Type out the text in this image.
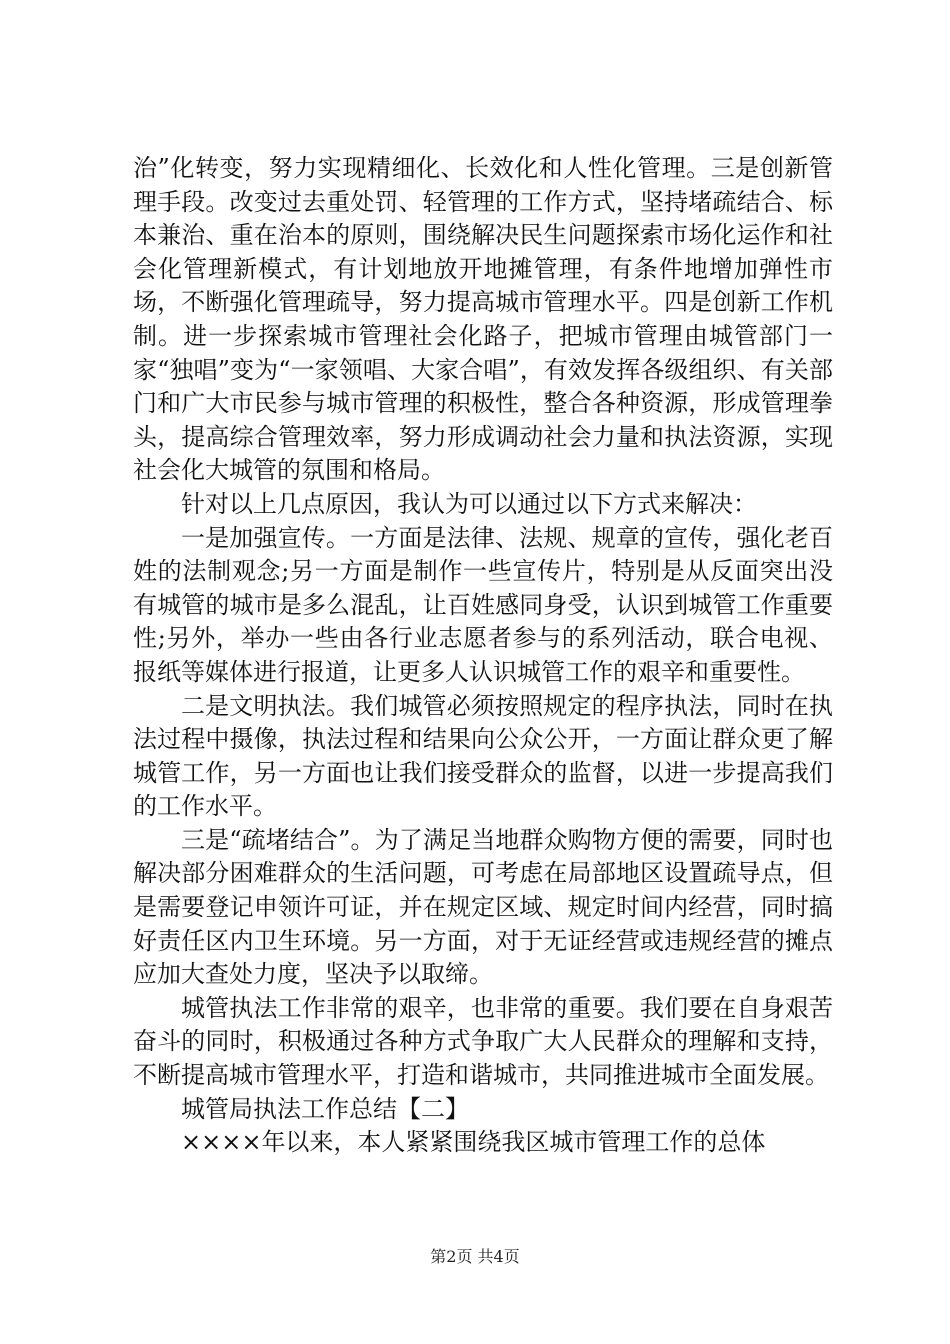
治”化转变，努力实现精细化、长效化和人性化管理。三是创新管理手段。改变过去重处罚、轻管理的工作方式，坚持堵疏结合、标本兼治、重在治本的原则，围绕解决民生问题探索市场化运作和社会化管理新模式，有计划地放开地摊管理，有条件地增加弹性市场，不断强化管理疏导，努力提高城市管理水平。四是创新工作机制。进一步探索城市管理社会化路子，把城市管理由城管部门一家“独唱”变为“一家领唱、大家合唱”，有效发挥各级组织、有关部门和广大市民参与城市管理的积极性，整合各种资源，形成管理拳头，提高综合管理效率，努力形成调动社会力量和执法资源，实现社会化大城管的氛围和格局。

针对以上几点原因，我认为可以通过以下方式来解决：

一是加强宣传。一方面是法律、法规、规章的宣传，强化老百姓的法制观念;另一方面是制作一些宣传片，特别是从反面突出没有城管的城市是多么混乱，让百姓感同身受，认识到城管工作重要性;另外，举办一些由各行业志愿者参与的系列活动，联合电视、报纸等媒体进行报道，让更多人认识城管工作的艰辛和重要性。

二是文明执法。我们城管必须按照规定的程序执法，同时在执法过程中摄像，执法过程和结果向公众公开，一方面让群众更了解城管工作，另一方面也让我们接受群众的监督，以进一步提高我们的工作水平。

三是“疏堵结合”。为了满足当地群众购物方便的需要，同时也解决部分困难群众的生活问题，可考虑在局部地区设置疏导点，但是需要登记申领许可证，并在规定区域、规定时间内经营，同时搞好责任区内卫生环境。另一方面，对于无证经营或违规经营的摊点应加大查处力度，坚决予以取缔。

城管执法工作非常的艰辛，也非常的重要。我们要在自身艰苦奋斗的同时，积极通过各种方式争取广大人民群众的理解和支持，不断提高城市管理水平，打造和谐城市，共同推进城市全面发展。

城管局执法工作总结【二】

××××年以来，本人紧紧围绕我区城市管理工作的总体

第2页 共4页
